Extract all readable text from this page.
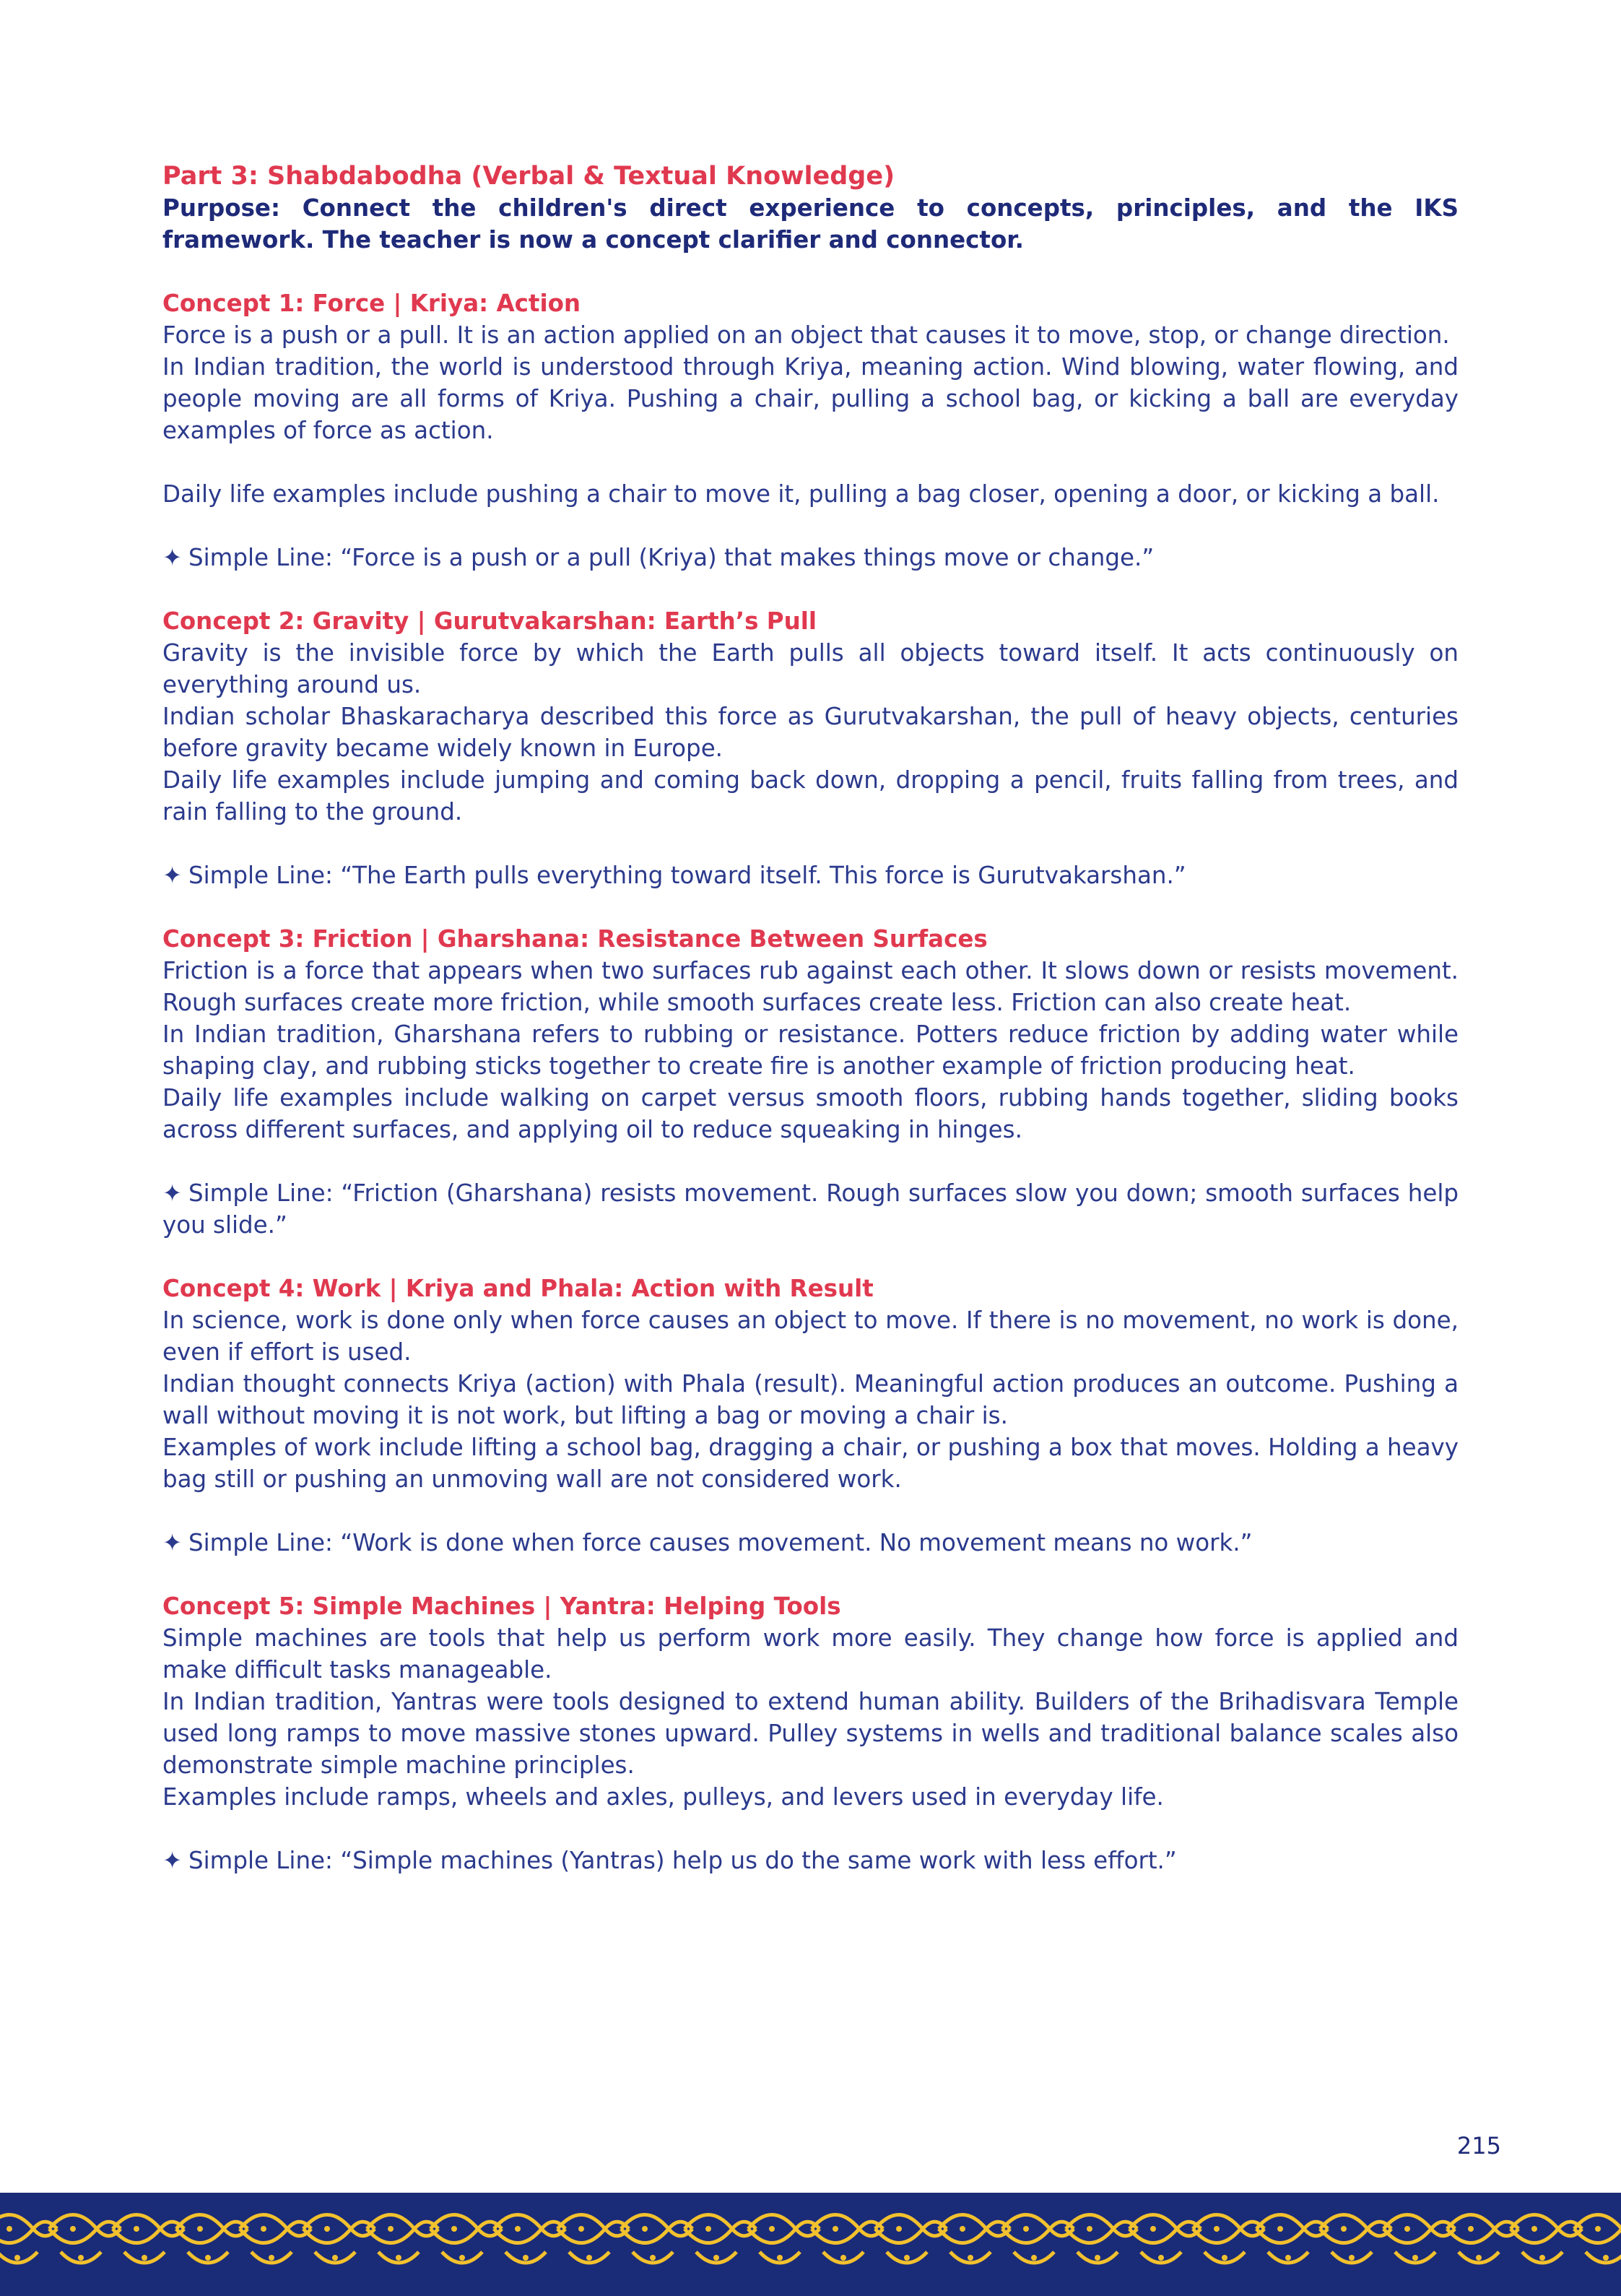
Part 3: Shabdabodha (Verbal & Textual Knowledge)

Purpose: Connect the children's direct experience to concepts, principles, and the IKS framework. The teacher is now a concept clarifier and connector.

Concept 1: Force | Kriya: Action

Force is a push or a pull. It is an action applied on an object that causes it to move, stop, or change direction.

In Indian tradition, the world is understood through Kriya, meaning action. Wind blowing, water flowing, and people moving are all forms of Kriya. Pushing a chair, pulling a school bag, or kicking a ball are everyday examples of force as action.

Daily life examples include pushing a chair to move it, pulling a bag closer, opening a door, or kicking a ball.

✦ Simple Line: “Force is a push or a pull (Kriya) that makes things move or change.”

Concept 2: Gravity | Gurutvakarshan: Earth’s Pull

Gravity is the invisible force by which the Earth pulls all objects toward itself. It acts continuously on everything around us.

Indian scholar Bhaskaracharya described this force as Gurutvakarshan, the pull of heavy objects, centuries before gravity became widely known in Europe.

Daily life examples include jumping and coming back down, dropping a pencil, fruits falling from trees, and rain falling to the ground.

✦ Simple Line: “The Earth pulls everything toward itself. This force is Gurutvakarshan.”

Concept 3: Friction | Gharshana: Resistance Between Surfaces

Friction is a force that appears when two surfaces rub against each other. It slows down or resists movement. Rough surfaces create more friction, while smooth surfaces create less. Friction can also create heat.

In Indian tradition, Gharshana refers to rubbing or resistance. Potters reduce friction by adding water while shaping clay, and rubbing sticks together to create fire is another example of friction producing heat.

Daily life examples include walking on carpet versus smooth floors, rubbing hands together, sliding books across different surfaces, and applying oil to reduce squeaking in hinges.

✦ Simple Line: “Friction (Gharshana) resists movement. Rough surfaces slow you down; smooth surfaces help you slide.”

Concept 4: Work | Kriya and Phala: Action with Result

In science, work is done only when force causes an object to move. If there is no movement, no work is done, even if effort is used.

Indian thought connects Kriya (action) with Phala (result). Meaningful action produces an outcome. Pushing a wall without moving it is not work, but lifting a bag or moving a chair is.

Examples of work include lifting a school bag, dragging a chair, or pushing a box that moves. Holding a heavy bag still or pushing an unmoving wall are not considered work.

✦ Simple Line: “Work is done when force causes movement. No movement means no work.”

Concept 5: Simple Machines | Yantra: Helping Tools

Simple machines are tools that help us perform work more easily. They change how force is applied and make difficult tasks manageable.

In Indian tradition, Yantras were tools designed to extend human ability. Builders of the Brihadisvara Temple used long ramps to move massive stones upward. Pulley systems in wells and traditional balance scales also demonstrate simple machine principles.

Examples include ramps, wheels and axles, pulleys, and levers used in everyday life.

✦ Simple Line: “Simple machines (Yantras) help us do the same work with less effort.”

215
